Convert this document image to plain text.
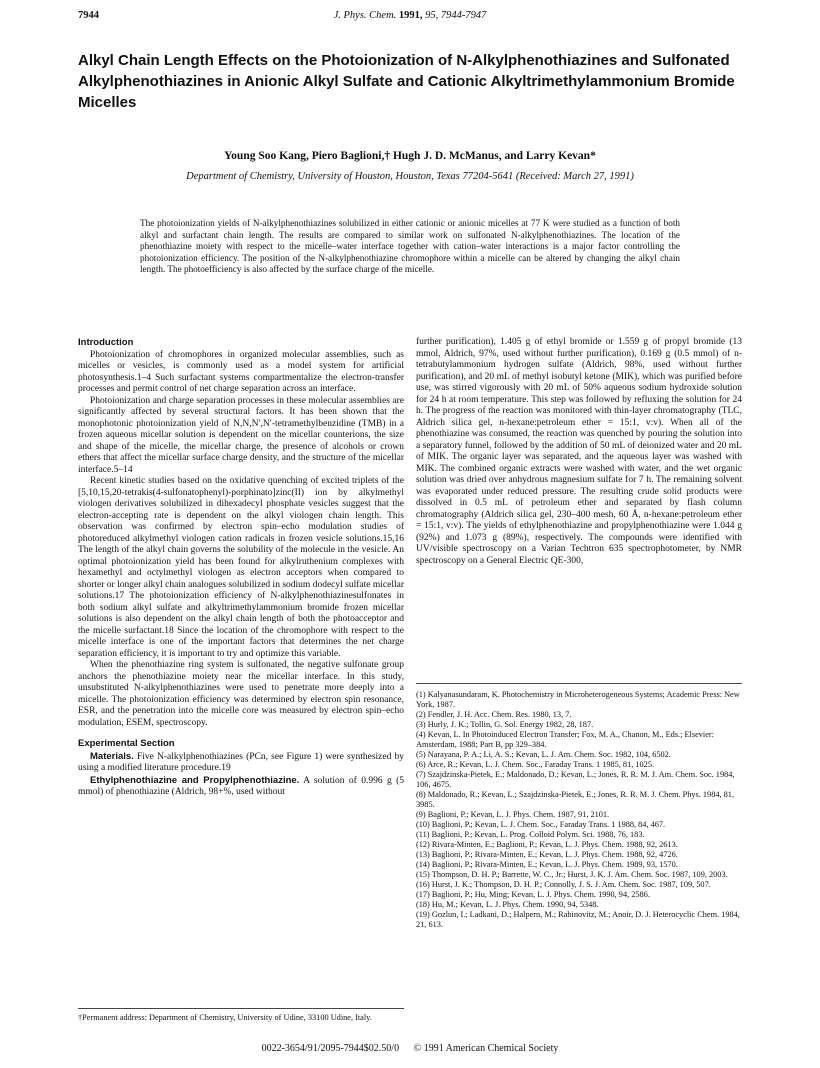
7944	J. Phys. Chem. 1991, 95, 7944-7947
Alkyl Chain Length Effects on the Photoionization of N-Alkylphenothiazines and Sulfonated Alkylphenothiazines in Anionic Alkyl Sulfate and Cationic Alkyltrimethylammonium Bromide Micelles
Young Soo Kang, Piero Baglioni,† Hugh J. D. McManus, and Larry Kevan*
Department of Chemistry, University of Houston, Houston, Texas 77204-5641 (Received: March 27, 1991)
The photoionization yields of N-alkylphenothiazines solubilized in either cationic or anionic micelles at 77 K were studied as a function of both alkyl and surfactant chain length. The results are compared to similar work on sulfonated N-alkylphenothiazines. The location of the phenothiazine moiety with respect to the micelle–water interface together with cation–water interactions is a major factor controlling the photoionization efficiency. The position of the N-alkylphenothiazine chromophore within a micelle can be altered by changing the alkyl chain length. The photoefficiency is also affected by the surface charge of the micelle.
Introduction

Photoionization of chromophores in organized molecular assemblies, such as micelles or vesicles, is commonly used as a model system for artificial photosynthesis.1–4 Such surfactant systems compartmentalize the electron-transfer processes and permit control of net charge separation across an interface.

Photoionization and charge separation processes in these molecular assemblies are significantly affected by several structural factors. It has been shown that the monophotonic photoionization yield of N,N,N′,N′-tetramethylbenzidine (TMB) in a frozen aqueous micellar solution is dependent on the micellar counterions, the size and shape of the micelle, the micellar charge, the presence of alcohols or crown ethers that affect the micellar surface charge density, and the structure of the micellar interface.5–14

Recent kinetic studies based on the oxidative quenching of excited triplets of the [5,10,15,20-tetrakis(4-sulfonatophenyl)-porphinato]zinc(II) ion by alkylmethyl viologen derivatives solubilized in dihexadecyl phosphate vesicles suggest that the electron-accepting rate is dependent on the alkyl viologen chain length. This observation was confirmed by electron spin–echo modulation studies of photoreduced alkylmethyl viologen cation radicals in frozen vesicle solutions.15,16 The length of the alkyl chain governs the solubility of the molecule in the vesicle. An optimal photoionization yield has been found for alkylruthenium complexes with hexamethyl and octylmethyl viologen as electron acceptors when compared to shorter or longer alkyl chain analogues solubilized in sodium dodecyl sulfate micellar solutions.17 The photoionization efficiency of N-alkylphenothiazinesulfonates in both sodium alkyl sulfate and alkyltrimethylammonium bromide frozen micellar solutions is also dependent on the alkyl chain length of both the photoacceptor and the micelle surfactant.18 Since the location of the chromophore with respect to the micelle interface is one of the important factors that determines the net charge separation efficiency, it is important to try and optimize this variable.

When the phenothiazine ring system is sulfonated, the negative sulfonate group anchors the phenothiazine moiety near the micellar interface. In this study, unsubstituted N-alkylphenothiazines were used to penetrate more deeply into a micelle. The photoionization efficiency was determined by electron spin resonance, ESR, and the penetration into the micelle core was measured by electron spin–echo modulation, ESEM, spectroscopy.

Experimental Section

Materials. Five N-alkylphenothiazines (PCn, see Figure 1) were synthesized by using a modified literature procedure.19

Ethylphenothiazine and Propylphenothiazine. A solution of 0.996 g (5 mmol) of phenothiazine (Aldrich, 98+%, used without

†Permanent address: Department of Chemistry, University of Udine, 33100 Udine, Italy.

further purification), 1.405 g of ethyl bromide or 1.559 g of propyl bromide (13 mmol, Aldrich, 97%, used without further purification), 0.169 g (0.5 mmol) of n-tetrabutylammonium hydrogen sulfate (Aldrich, 98%, used without further purification), and 20 mL of methyl isobutyl ketone (MIK), which was purified before use, was stirred vigorously with 20 mL of 50% aqueous sodium hydroxide solution for 24 h at room temperature. This step was followed by refluxing the solution for 24 h. The progress of the reaction was monitored with thin-layer chromatography (TLC, Aldrich silica gel, n-hexane:petroleum ether = 15:1, v:v). When all of the phenothiazine was consumed, the reaction was quenched by pouring the solution into a separatory funnel, followed by the addition of 50 mL of deionized water and 20 mL of MIK. The organic layer was separated, and the aqueous layer was washed with MIK. The combined organic extracts were washed with water, and the wet organic solution was dried over anhydrous magnesium sulfate for 7 h. The remaining solvent was evaporated under reduced pressure. The resulting crude solid products were dissolved in 0.5 mL of petroleum ether and separated by flash column chromatography (Aldrich silica gel, 230–400 mesh, 60 Å, n-hexane:petroleum ether = 15:1, v:v). The yields of ethylphenothiazine and propylphenothiazine were 1.044 g (92%) and 1.073 g (89%), respectively. The compounds were identified with UV/visible spectroscopy on a Varian Techtron 635 spectrophotometer, by NMR spectroscopy on a General Electric QE-300,

(1) Kalyanasundaram, K. Photochemistry in Microheterogeneous Systems; Academic Press: New York, 1987.
(2) Fendler, J. H. Acc. Chem. Res. 1980, 13, 7.
(3) Hurly, J. K.; Tollin, G. Sol. Energy 1982, 28, 187.
(4) Kevan, L. In Photoinduced Electron Transfer; Fox, M. A., Chanon, M., Eds.; Elsevier: Amsterdam, 1988; Part B, pp 329–384.
(5) Narayana, P. A.; Li, A. S.; Kevan, L. J. Am. Chem. Soc. 1982, 104, 6502.
(6) Arce, R.; Kevan, L. J. Chem. Soc., Faraday Trans. 1 1985, 81, 1025.
(7) Szajdzinska-Pietek, E.; Maldonado, D.; Kevan, L.; Jones, R. R. M. J. Am. Chem. Soc. 1984, 106, 4675.
(8) Maldonado, R.; Kevan, L.; Szajdzinska-Pietek, E.; Jones, R. R. M. J. Chem. Phys. 1984, 81, 3985.
(9) Baglioni, P.; Kevan, L. J. Phys. Chem. 1987, 91, 2101.
(10) Baglioni, P.; Kevan, L. J. Chem. Soc., Faraday Trans. 1 1988, 84, 467.
(11) Baglioni, P.; Kevan, L. Prog. Colloid Polym. Sci. 1988, 76, 183.
(12) Rivara-Minten, E.; Baglioni, P.; Kevan, L. J. Phys. Chem. 1988, 92, 2613.
(13) Baglioni, P.; Rivara-Minten, E.; Kevan, L. J. Phys. Chem. 1988, 92, 4726.
(14) Baglioni, P.; Rivara-Minten, E.; Kevan, L. J. Phys. Chem. 1989, 93, 1570.
(15) Thompson, D. H. P.; Barrette, W. C., Jr.; Hurst, J. K. J. Am. Chem. Soc. 1987, 109, 2003.
(16) Hurst, J. K.; Thompson, D. H. P.; Connolly, J. S. J. Am. Chem. Soc. 1987, 109, 507.
(17) Baglioni, P.; Hu, Ming; Kevan, L. J. Phys. Chem. 1990, 94, 2586.
(18) Hu, M.; Kevan, L. J. Phys. Chem. 1990, 94, 5348.
(19) Gozlun, I.; Ladkani, D.; Halpern, M.; Rabinovitz, M.; Anoir, D. J. Heterocyclic Chem. 1984, 21, 613.
0022-3654/91/2095-7944$02.50/0 © 1991 American Chemical Society
